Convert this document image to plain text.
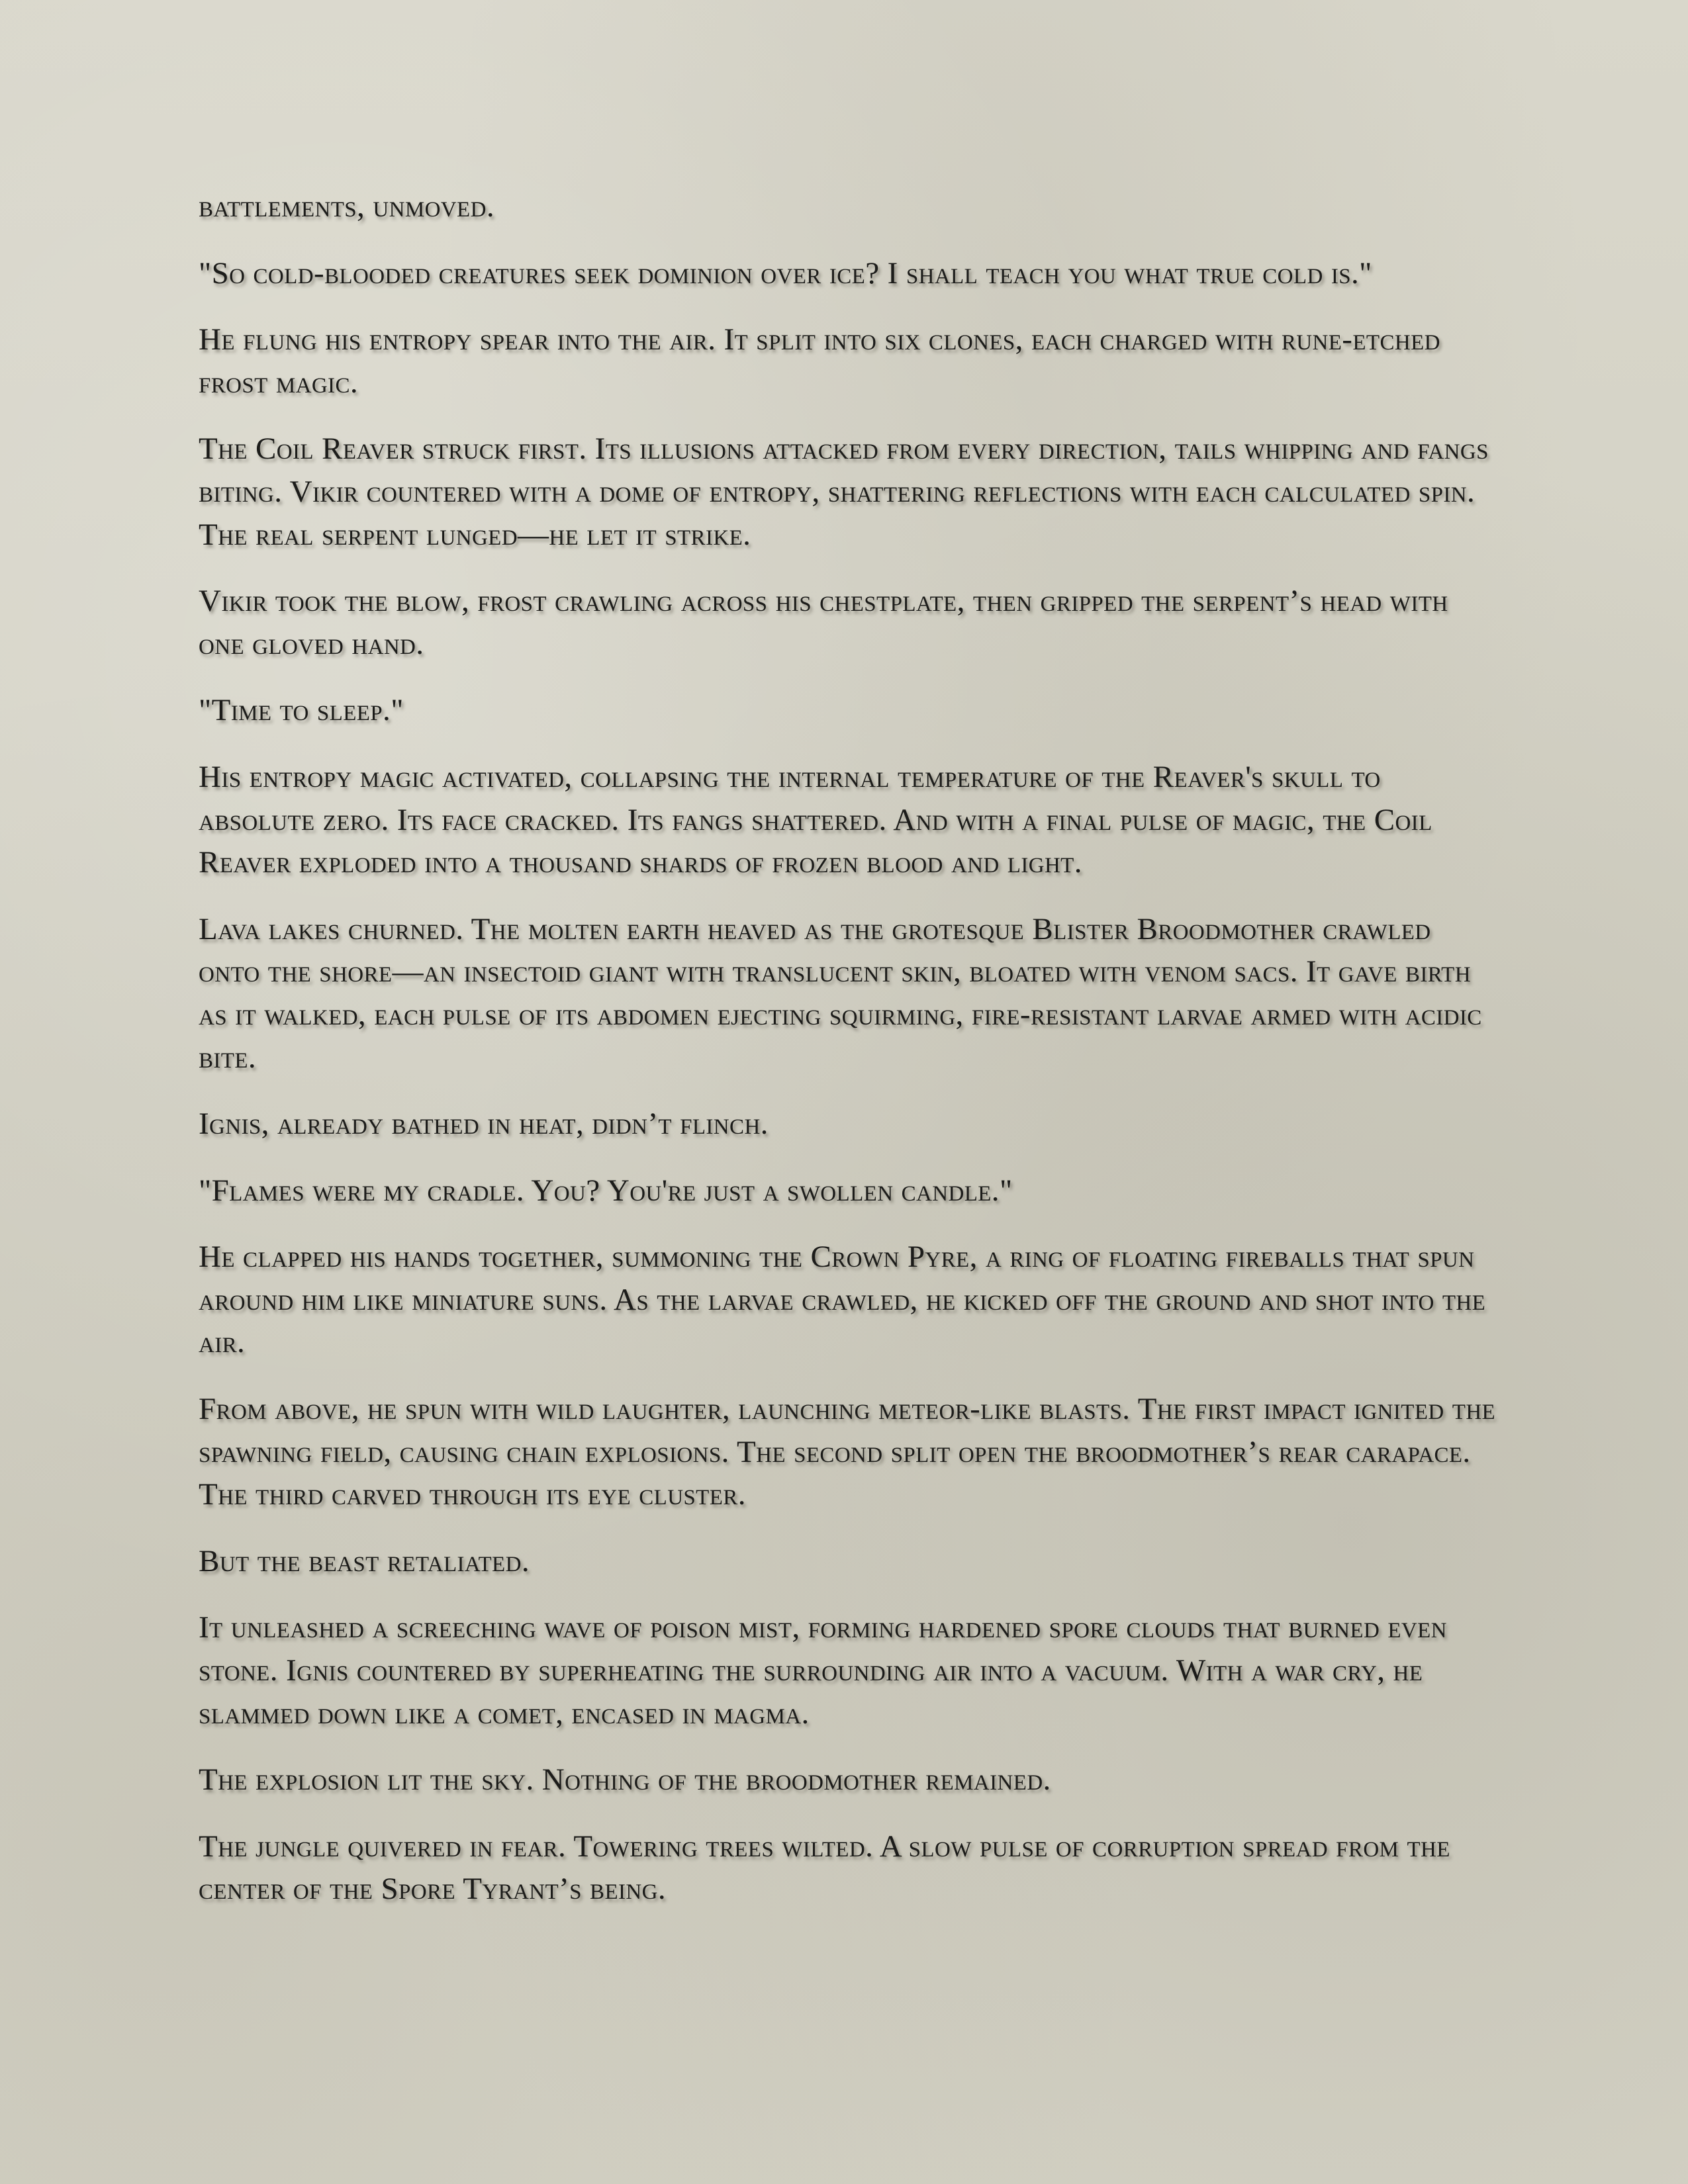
battlements, unmoved.

"So cold-blooded creatures seek dominion over ice? I shall teach you what true cold is."

He flung his entropy spear into the air. It split into six clones, each charged with rune-etched frost magic.

The Coil Reaver struck first. Its illusions attacked from every direction, tails whipping and fangs biting. Vikir countered with a dome of entropy, shattering reflections with each calculated spin. The real serpent lunged—he let it strike.

Vikir took the blow, frost crawling across his chestplate, then gripped the serpent’s head with one gloved hand.

"Time to sleep."

His entropy magic activated, collapsing the internal temperature of the Reaver's skull to absolute zero. Its face cracked. Its fangs shattered. And with a final pulse of magic, the Coil Reaver exploded into a thousand shards of frozen blood and light.

Lava lakes churned. The molten earth heaved as the grotesque Blister Broodmother crawled onto the shore—an insectoid giant with translucent skin, bloated with venom sacs. It gave birth as it walked, each pulse of its abdomen ejecting squirming, fire-resistant larvae armed with acidic bite.

Ignis, already bathed in heat, didn’t flinch.

"Flames were my cradle. You? You're just a swollen candle."

He clapped his hands together, summoning the Crown Pyre, a ring of floating fireballs that spun around him like miniature suns. As the larvae crawled, he kicked off the ground and shot into the air.

From above, he spun with wild laughter, launching meteor-like blasts. The first impact ignited the spawning field, causing chain explosions. The second split open the broodmother’s rear carapace. The third carved through its eye cluster.

But the beast retaliated.

It unleashed a screeching wave of poison mist, forming hardened spore clouds that burned even stone. Ignis countered by superheating the surrounding air into a vacuum. With a war cry, he slammed down like a comet, encased in magma.

The explosion lit the sky. Nothing of the broodmother remained.

The jungle quivered in fear. Towering trees wilted. A slow pulse of corruption spread from the center of the Spore Tyrant’s being.
